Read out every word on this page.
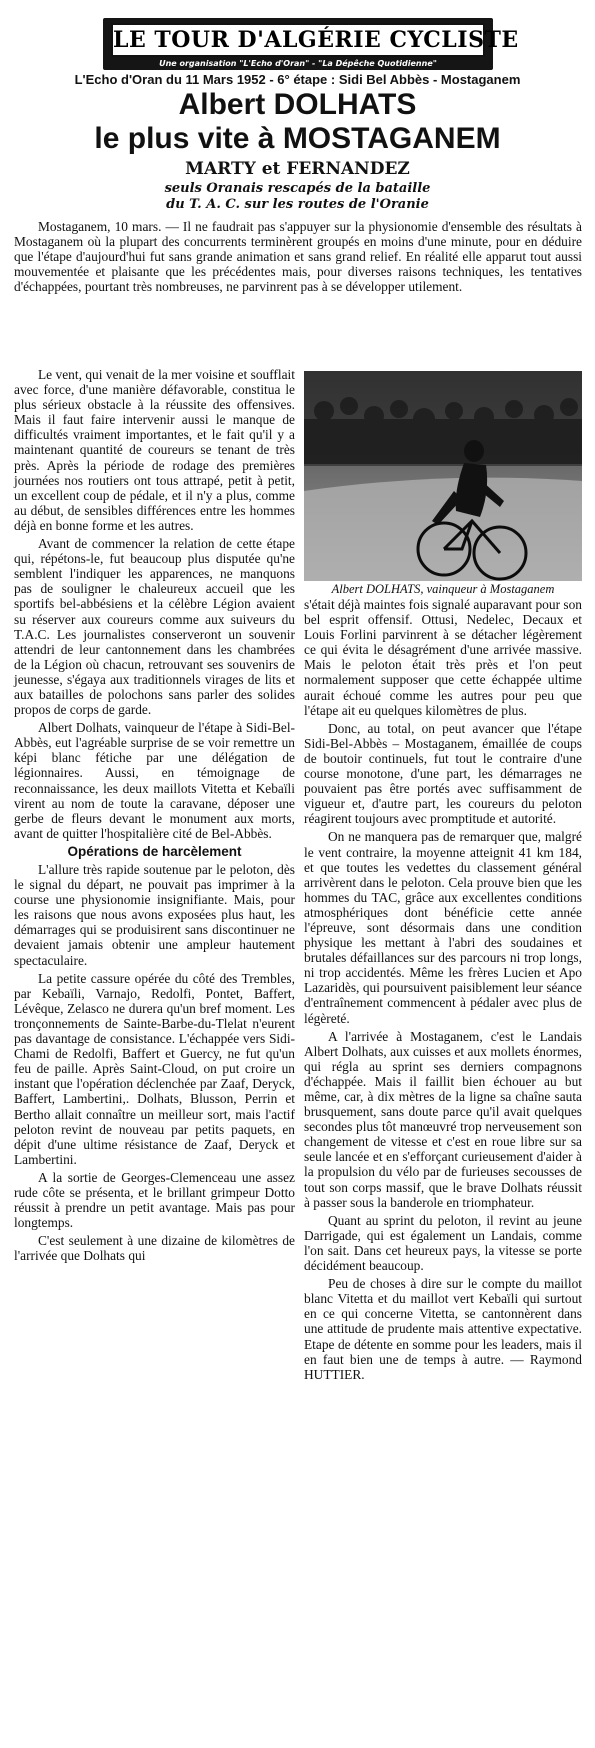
LE TOUR D'ALGÉRIE CYCLISTE
Une organisation "L'Echo d'Oran" - "La Dépêche Quotidienne"
L'Echo d'Oran du 11 Mars 1952 - 6° étape : Sidi Bel Abbès - Mostaganem
Albert DOLHATS
le plus vite à MOSTAGANEM
MARTY et FERNANDEZ
seuls Oranais rescapés de la bataille
du T. A. C. sur les routes de l'Oranie

Mostaganem, 10 mars. — Il ne faudrait pas s'appuyer sur la physionomie d'ensemble des résultats à Mostaganem où la plupart des concurrents terminèrent groupés en moins d'une minute, pour en déduire que l'étape d'aujourd'hui fut sans grande animation et sans grand relief. En réalité elle apparut tout aussi mouvementée et plaisante que les précédentes mais, pour diverses raisons techniques, les tentatives d'échappées, pourtant très nombreuses, ne parvinrent pas à se développer utilement.

Le vent, qui venait de la mer voisine et soufflait avec force, d'une manière défavorable, constitua le plus sérieux obstacle à la réussite des offensives. Mais il faut faire intervenir aussi le manque de difficultés vraiment importantes, et le fait qu'il y a maintenant quantité de coureurs se tenant de très près. Après la période de rodage des premières journées nos routiers ont tous attrapé, petit à petit, un excellent coup de pédale, et il n'y a plus, comme au début, de sensibles différences entre les hommes déjà en bonne forme et les autres.

Avant de commencer la relation de cette étape qui, répétons-le, fut beaucoup plus disputée qu'ne semblent l'indiquer les apparences, ne manquons pas de souligner le chaleureux accueil que les sportifs bel-abbésiens et la célèbre Légion avaient su réserver aux coureurs comme aux suiveurs du T.A.C. Les journalistes conserveront un souvenir attendri de leur cantonnement dans les chambrées de la Légion où chacun, retrouvant ses souvenirs de jeunesse, s'égaya aux traditionnels virages de lits et aux batailles de polochons sans parler des solides propos de corps de garde.

Albert Dolhats, vainqueur de l'étape à Sidi-Bel-Abbès, eut l'agréable surprise de se voir remettre un képi blanc fétiche par une délégation de légionnaires. Aussi, en témoignage de reconnaissance, les deux maillots Vitetta et Kebaïli virent au nom de toute la caravane, déposer une gerbe de fleurs devant le monument aux morts, avant de quitter l'hospitalière cité de Bel-Abbès.

Opérations de harcèlement

L'allure très rapide soutenue par le peloton, dès le signal du départ, ne pouvait pas imprimer à la course une physionomie insignifiante. Mais, pour les raisons que nous avons exposées plus haut, les démarrages qui se produisirent sans discontinuer ne devaient jamais obtenir une ampleur hautement spectaculaire.

La petite cassure opérée du côté des Trembles, par Kebaïli, Varnajo, Redolfi, Pontet, Baffert, Lévêque, Zelasco ne durera qu'un bref moment. Les tronçonnements de Sainte-Barbe-du-Tlelat n'eurent pas davantage de consistance. L'échappée vers Sidi-Chami de Redolfi, Baffert et Guercy, ne fut qu'un feu de paille. Après Saint-Cloud, on put croire un instant que l'opération déclenchée par Zaaf, Deryck, Baffert, Lambertini,. Dolhats, Blusson, Perrin et Bertho allait connaître un meilleur sort, mais l'actif peloton revint de nouveau par petits paquets, en dépit d'une ultime résistance de Zaaf, Deryck et Lambertini.

A la sortie de Georges-Clemenceau une assez rude côte se présenta, et le brillant grimpeur Dotto réussit à prendre un petit avantage. Mais pas pour longtemps.

C'est seulement à une dizaine de kilomètres de l'arrivée que Dolhats qui

Albert DOLHATS, vainqueur à Mostaganem

s'était déjà maintes fois signalé auparavant pour son bel esprit offensif. Ottusi, Nedelec, Decaux et Louis Forlini parvinrent à se détacher légèrement ce qui évita le désagrément d'une arrivée massive. Mais le peloton était très près et l'on peut normalement supposer que cette échappée ultime aurait échoué comme les autres pour peu que l'étape ait eu quelques kilomètres de plus.

Donc, au total, on peut avancer que l'étape Sidi-Bel-Abbès – Mostaganem, émaillée de coups de boutoir continuels, fut tout le contraire d'une course monotone, d'une part, les démarrages ne pouvaient pas être portés avec suffisamment de vigueur et, d'autre part, les coureurs du peloton réagirent toujours avec promptitude et autorité.

On ne manquera pas de remarquer que, malgré le vent contraire, la moyenne atteignit 41 km 184, et que toutes les vedettes du classement général arrivèrent dans le peloton. Cela prouve bien que les hommes du TAC, grâce aux excellentes conditions atmosphériques dont bénéficie cette année l'épreuve, sont désormais dans une condition physique les mettant à l'abri des soudaines et brutales défaillances sur des parcours ni trop longs, ni trop accidentés. Même les frères Lucien et Apo Lazaridès, qui poursuivent paisiblement leur séance d'entraînement commencent à pédaler avec plus de légèreté.

A l'arrivée à Mostaganem, c'est le Landais Albert Dolhats, aux cuisses et aux mollets énormes, qui régla au sprint ses derniers compagnons d'échappée. Mais il faillit bien échouer au but même, car, à dix mètres de la ligne sa chaîne sauta brusquement, sans doute parce qu'il avait quelques secondes plus tôt manœuvré trop nerveusement son changement de vitesse et c'est en roue libre sur sa seule lancée et en s'efforçant curieusement d'aider à la propulsion du vélo par de furieuses secousses de tout son corps massif, que le brave Dolhats réussit à passer sous la banderole en triomphateur.

Quant au sprint du peloton, il revint au jeune Darrigade, qui est également un Landais, comme l'on sait. Dans cet heureux pays, la vitesse se porte décidément beaucoup.

Peu de choses à dire sur le compte du maillot blanc Vitetta et du maillot vert Kebaïli qui surtout en ce qui concerne Vitetta, se cantonnèrent dans une attitude de prudente mais attentive expectative. Etape de détente en somme pour les leaders, mais il en faut bien une de temps à autre. — Raymond HUTTIER.
